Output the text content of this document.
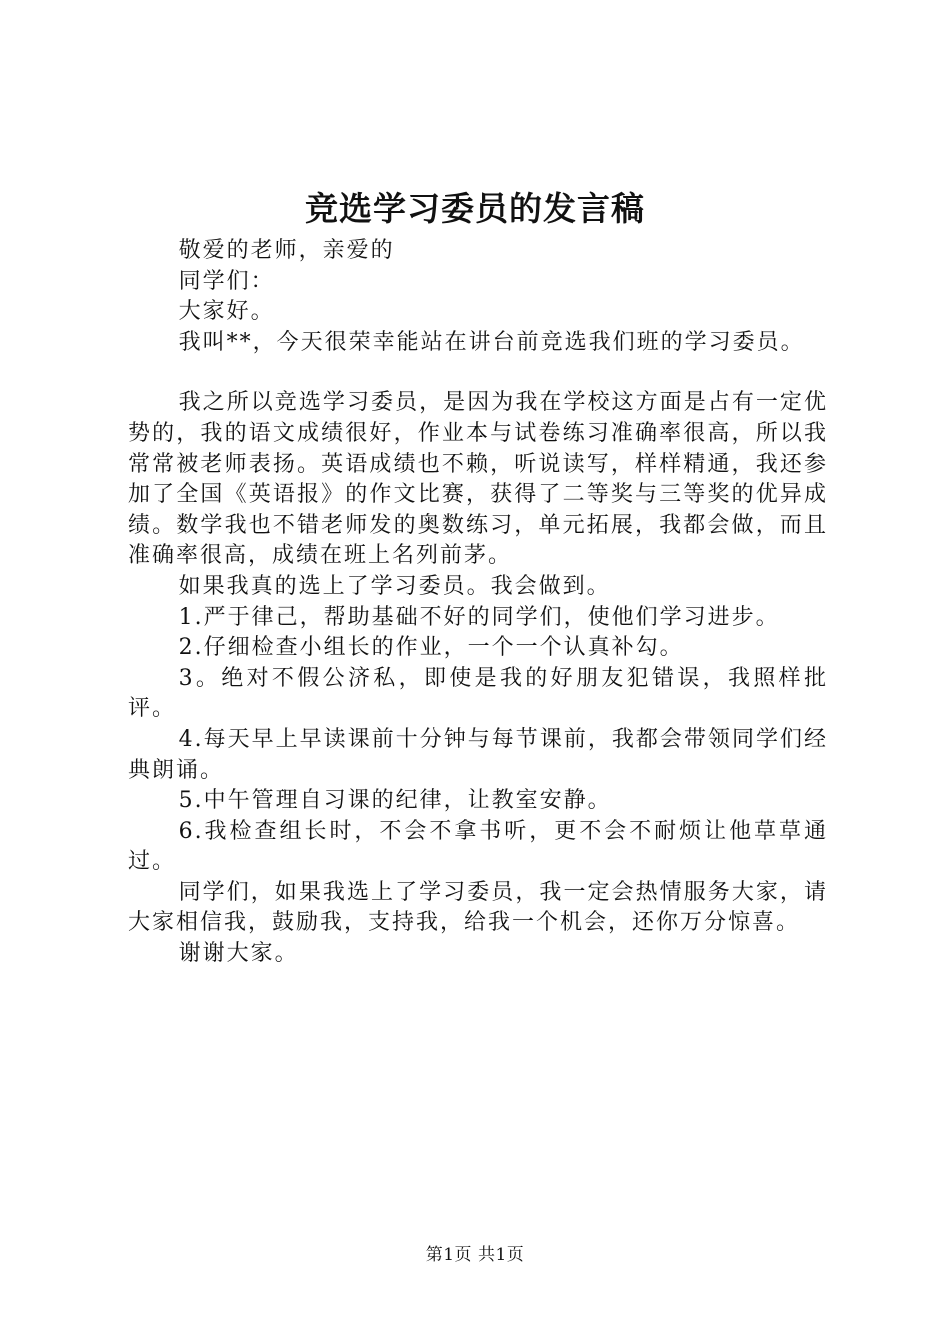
竞选学习委员的发言稿

敬爱的老师，亲爱的

同学们：

大家好。

我叫**，今天很荣幸能站在讲台前竞选我们班的学习委员。

我之所以竞选学习委员，是因为我在学校这方面是占有一定优势的，我的语文成绩很好，作业本与试卷练习准确率很高，所以我常常被老师表扬。英语成绩也不赖，听说读写，样样精通，我还参加了全国《英语报》的作文比赛，获得了二等奖与三等奖的优异成绩。数学我也不错老师发的奥数练习，单元拓展，我都会做，而且准确率很高，成绩在班上名列前茅。

如果我真的选上了学习委员。我会做到。

1.严于律己，帮助基础不好的同学们，使他们学习进步。

2.仔细检查小组长的作业，一个一个认真补勾。

3。绝对不假公济私，即使是我的好朋友犯错误，我照样批评。

4.每天早上早读课前十分钟与每节课前，我都会带领同学们经典朗诵。

5.中午管理自习课的纪律，让教室安静。

6.我检查组长时，不会不拿书听，更不会不耐烦让他草草通过。

同学们，如果我选上了学习委员，我一定会热情服务大家，请大家相信我，鼓励我，支持我，给我一个机会，还你万分惊喜。

谢谢大家。

第1页 共1页
